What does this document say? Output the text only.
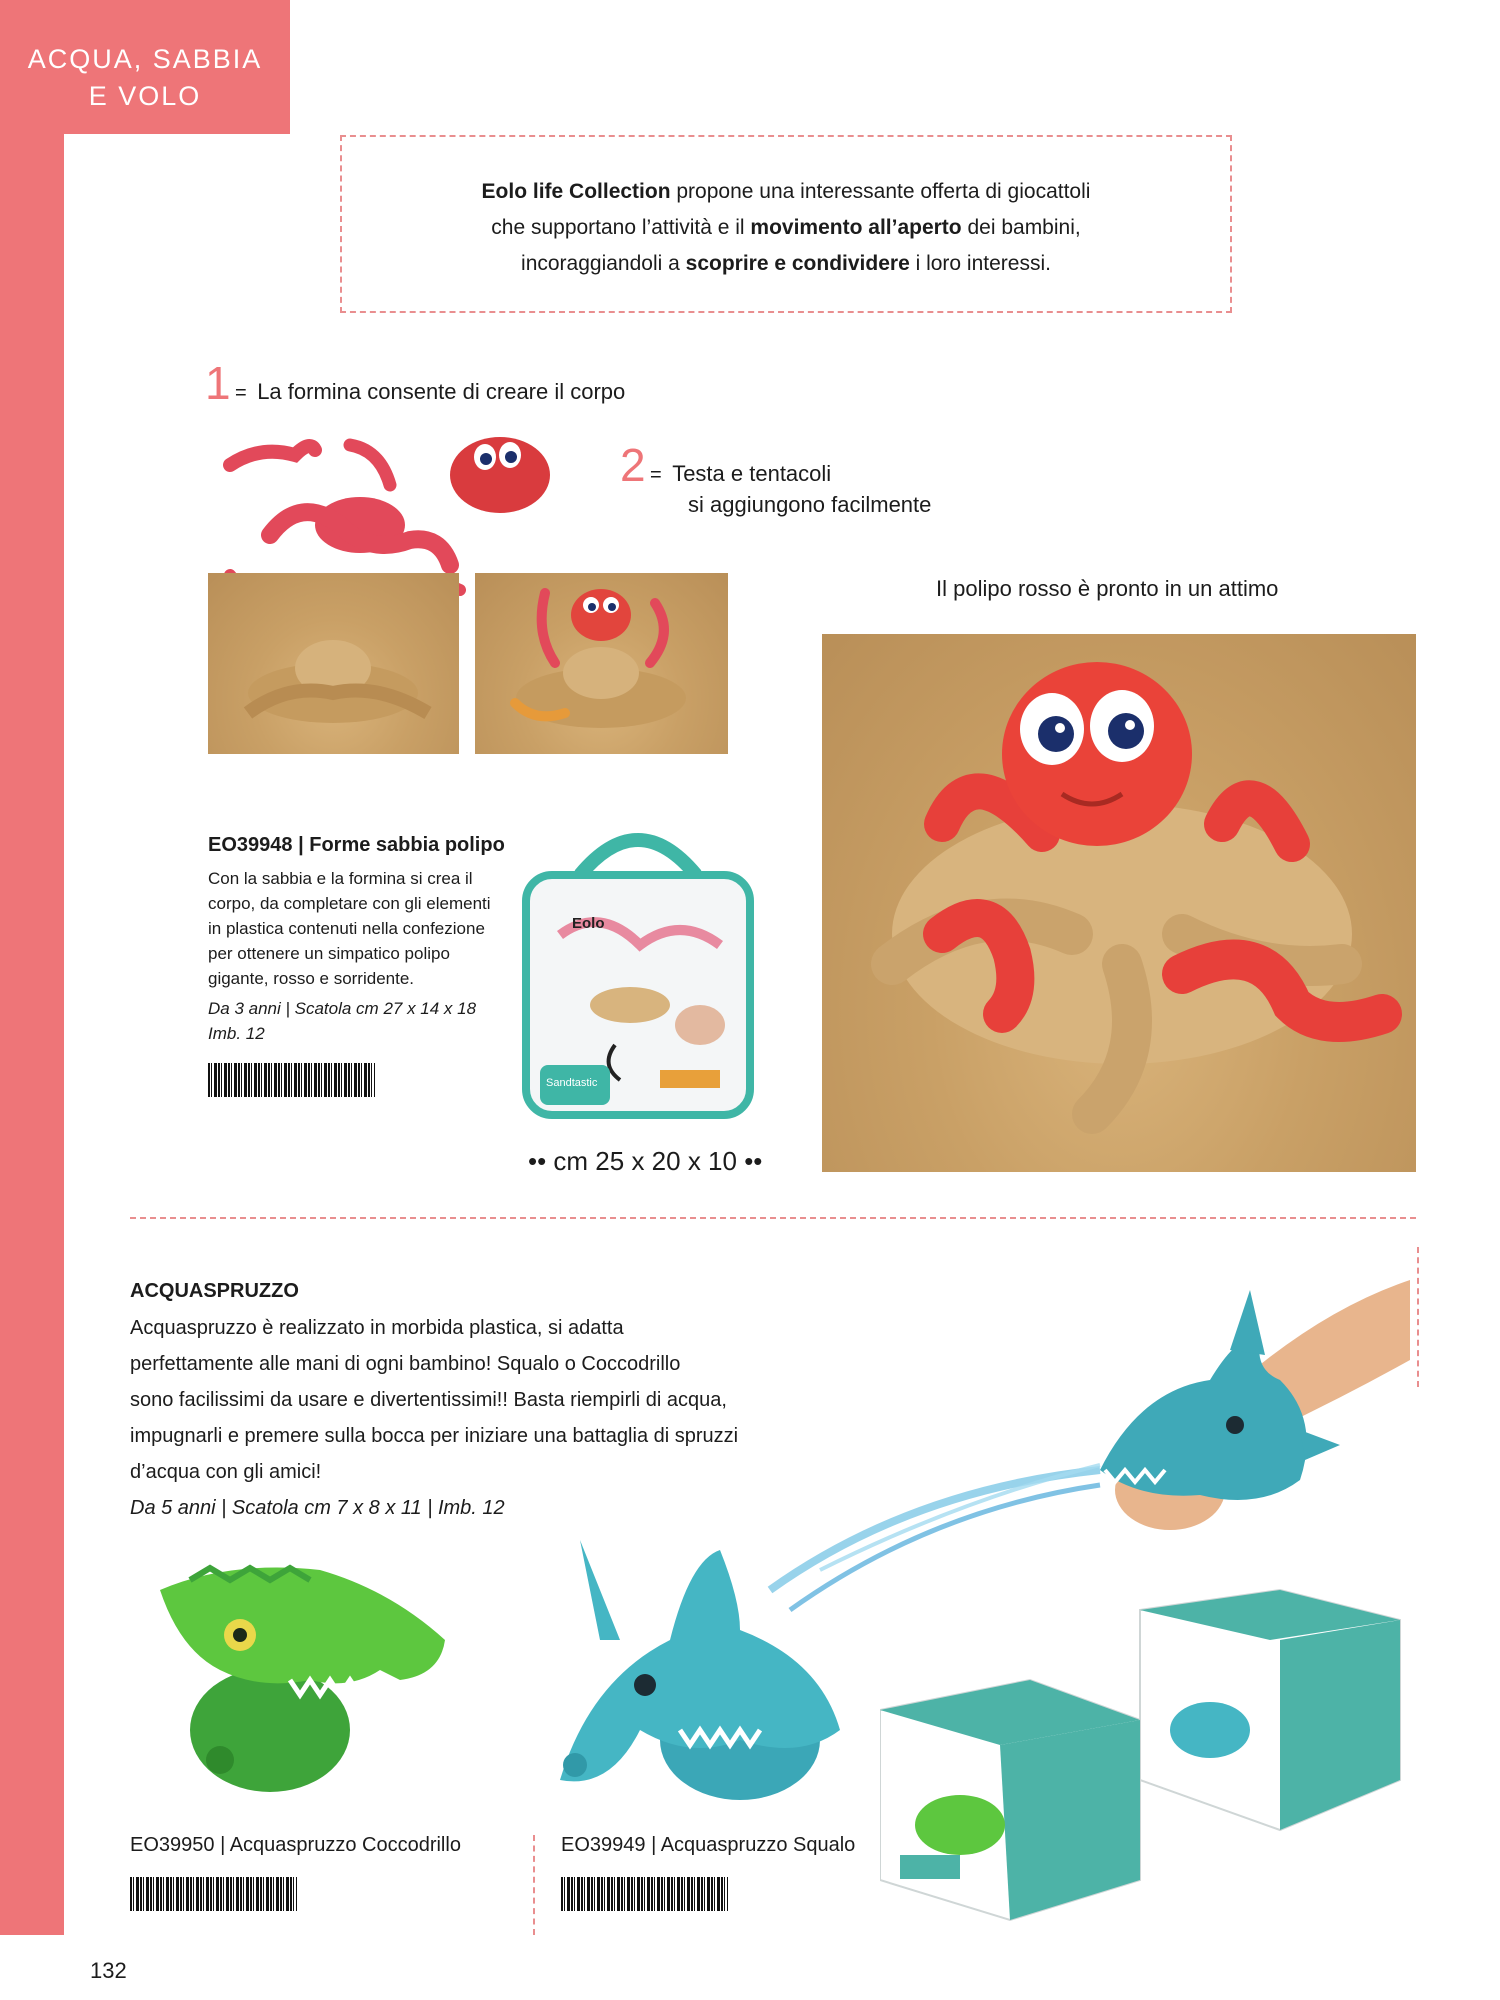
ACQUA, SABBIA
E VOLO
Eolo life Collection propone una interessante offerta di giocattoli
che supportano l’attività e il movimento all’aperto dei bambini,
incoraggiandoli a scoprire e condividere i loro interessi.
1 = La formina consente di creare il corpo
2 = Testa e tentacoli
si aggiungono facilmente
Il polipo rosso è pronto in un attimo
EO39948 | Forme sabbia polipo
Con la sabbia e la formina si crea il
corpo, da completare con gli elementi
in plastica contenuti nella confezione
per ottenere un simpatico polipo
gigante, rosso e sorridente.
Da 3 anni | Scatola cm 27 x 14 x 18
Imb. 12
Eolo
Sandtastic
•• cm 25 x 20 x 10 ••
ACQUASPRUZZO
Acquaspruzzo è realizzato in morbida plastica, si adatta
perfettamente alle mani di ogni bambino! Squalo o Coccodrillo
sono facilissimi da usare e divertentissimi!! Basta riempirli di acqua,
impugnarli e premere sulla bocca per iniziare una battaglia di spruzzi
d’acqua con gli amici!
Da 5 anni | Scatola cm 7 x 8 x 11 | Imb. 12
EO39950 | Acquaspruzzo Coccodrillo	EO39949 | Acquaspruzzo Squalo
132
